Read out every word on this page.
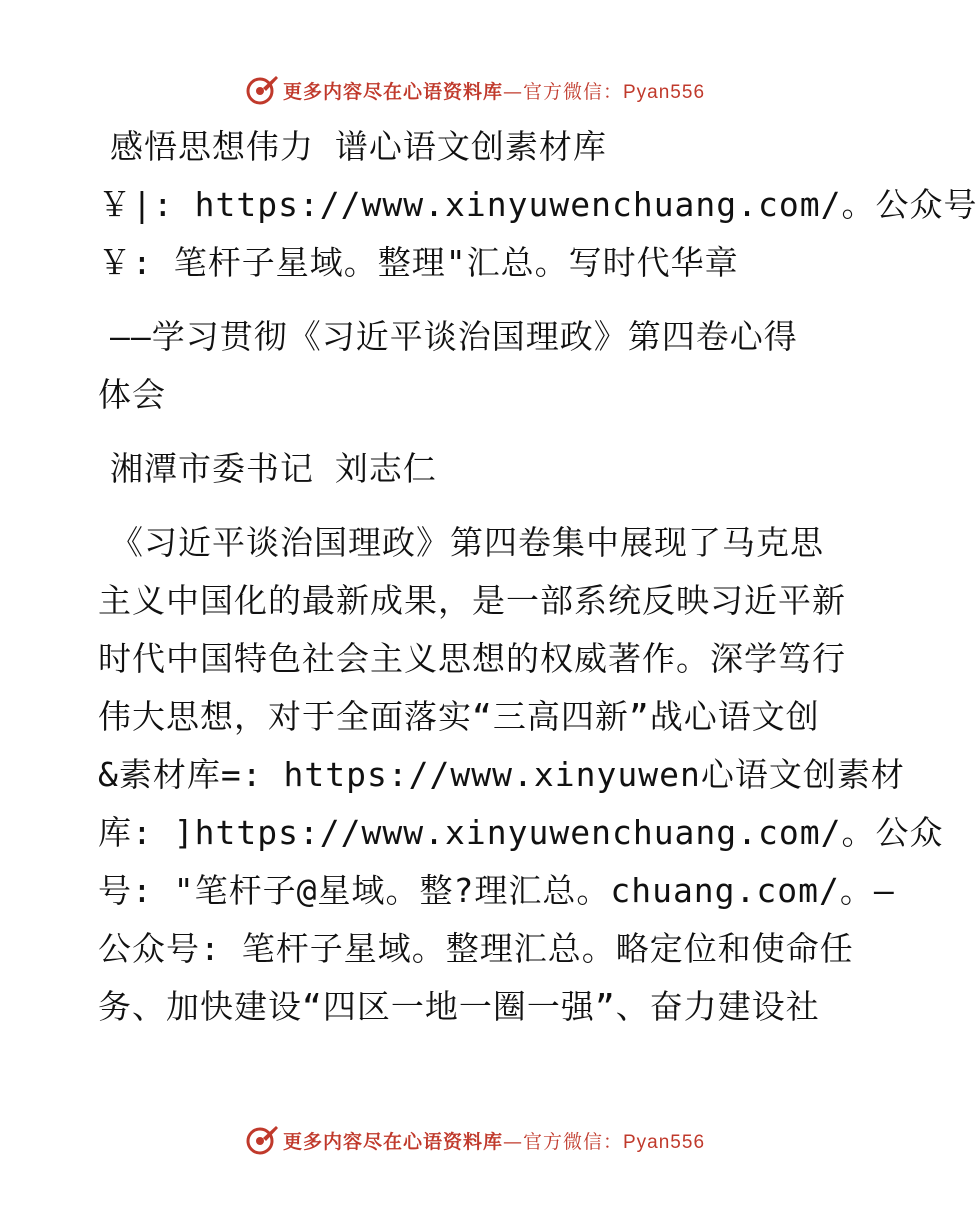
更多内容尽在心语资料库—官方微信：Pyan556
感悟思想伟力 谱心语文创素材库
￥|: https://www.xinyuwenchuang.com/。公众号
￥: 笔杆子星域。整理"汇总。写时代华章
——学习贯彻《习近平谈治国理政》第四卷心得
体会
湘潭市委书记 刘志仁
《习近平谈治国理政》第四卷集中展现了马克思
主义中国化的最新成果，是一部系统反映习近平新
时代中国特色社会主义思想的权威著作。深学笃行
伟大思想，对于全面落实“三高四新”战心语文创
&素材库=: https://www.xinyuwen心语文创素材
库: ]https://www.xinyuwenchuang.com/。公众
号: "笔杆子@星域。整?理汇总。chuang.com/。—
公众号: 笔杆子星域。整理汇总。略定位和使命任
务、加快建设“四区一地一圈一强”、奋力建设社
更多内容尽在心语资料库—官方微信：Pyan556
